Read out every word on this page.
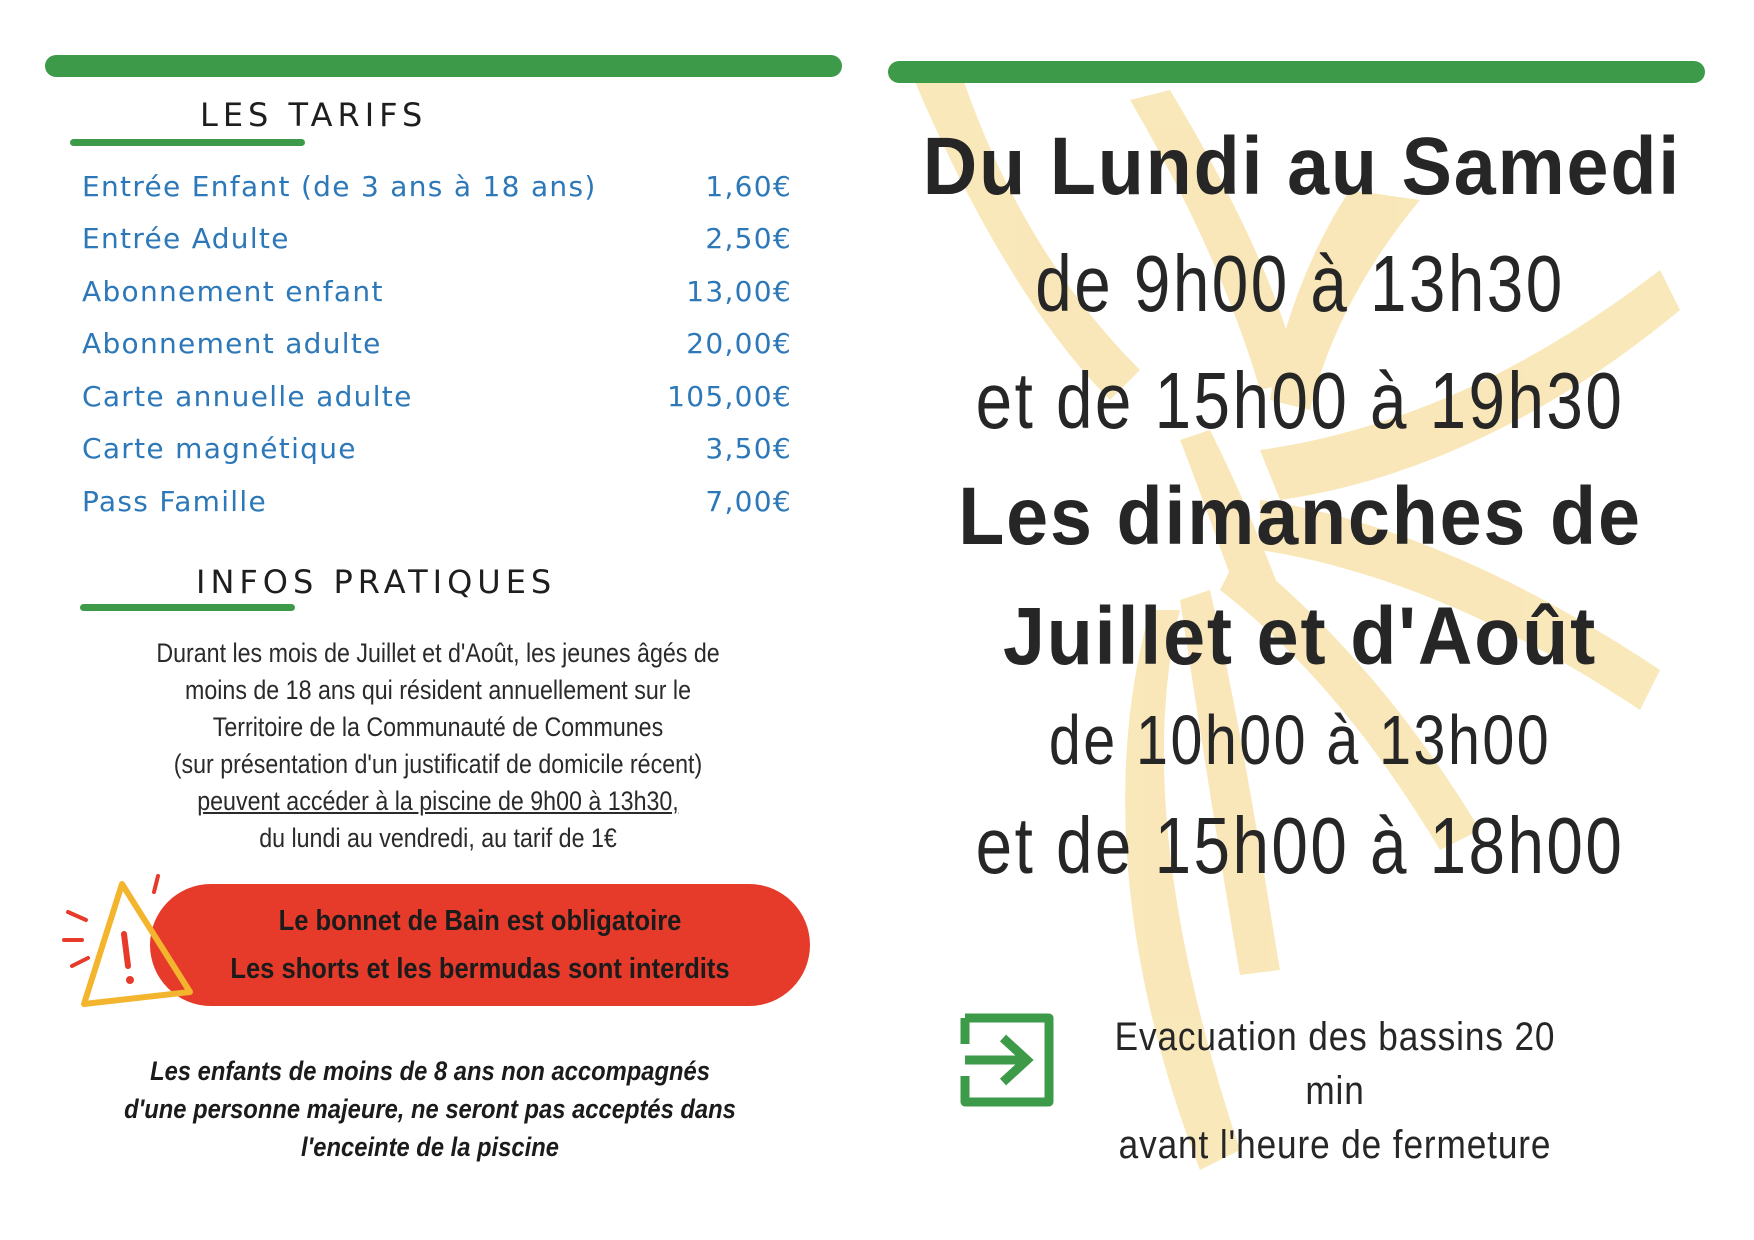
LES TARIFS
Entrée Enfant (de 3 ans à 18 ans)	1,60€
Entrée Adulte	2,50€
Abonnement enfant	13,00€
Abonnement adulte	20,00€
Carte annuelle adulte	105,00€
Carte magnétique	3,50€
Pass Famille	7,00€
INFOS PRATIQUES

Durant les mois de Juillet et d'Août, les jeunes âgés de

moins de 18 ans qui résident annuellement sur le

Territoire de la Communauté de Communes

(sur présentation d'un justificatif de domicile récent)

peuvent accéder à la piscine de 9h00 à 13h30,

du lundi au vendredi, au tarif de 1€

Le bonnet de Bain est obligatoire

Les shorts et les bermudas sont interdits

Les enfants de moins de 8 ans non accompagnés

d'une personne majeure, ne seront pas acceptés dans

l'enceinte de la piscine

Du Lundi au Samedi

de 9h00 à 13h30

et de 15h00 à 19h30

Les dimanches de

Juillet et d'Août

de 10h00 à 13h00

et de 15h00 à 18h00

Evacuation des bassins 20 min

avant l'heure de fermeture
